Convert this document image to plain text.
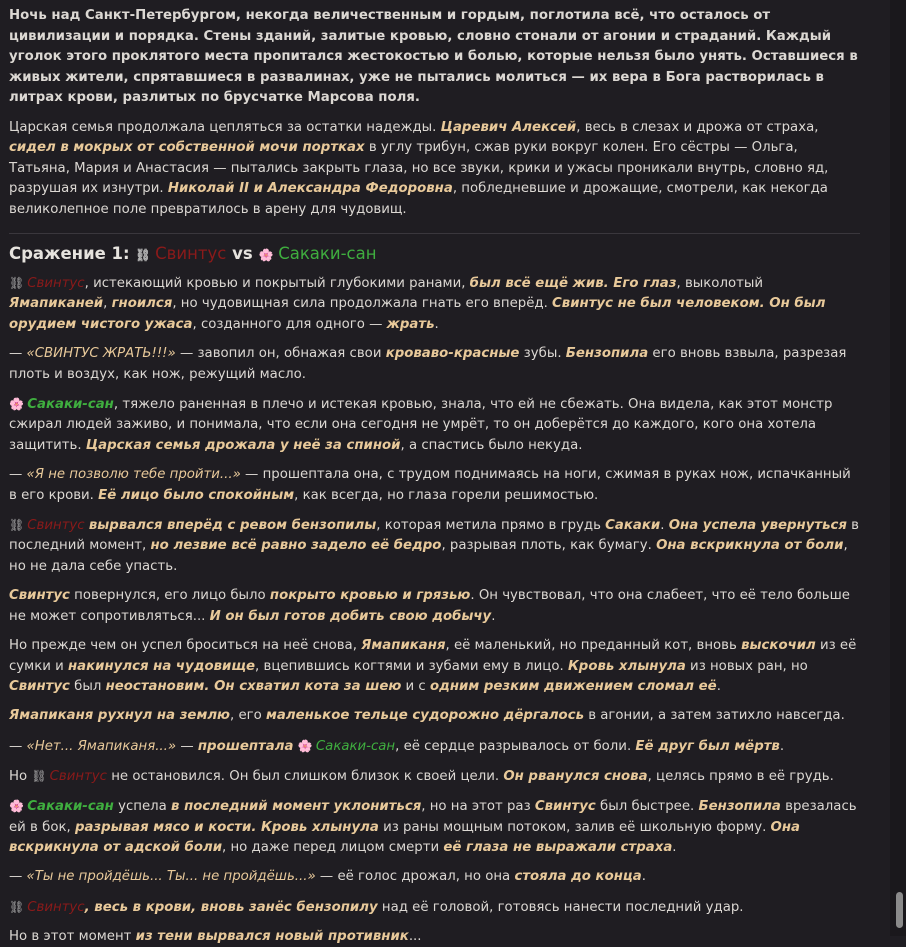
Ночь над Санкт-Петербургом, некогда величественным и гордым, поглотила всё, что осталось от цивилизации и порядка. Стены зданий, залитые кровью, словно стонали от агонии и страданий. Каждый уголок этого проклятого места пропитался жестокостью и болью, которые нельзя было унять. Оставшиеся в живых жители, спрятавшиеся в развалинах, уже не пытались молиться — их вера в Бога растворилась в литрах крови, разлитых по брусчатке Марсова поля.

Царская семья продолжала цепляться за остатки надежды. Царевич Алексей, весь в слезах и дрожа от страха, сидел в мокрых от собственной мочи портках в углу трибун, сжав руки вокруг колен. Его сёстры — Ольга, Татьяна, Мария и Анастасия — пытались закрыть глаза, но все звуки, крики и ужасы проникали внутрь, словно яд, разрушая их изнутри. Николай II и Александра Федоровна, побледневшие и дрожащие, смотрели, как некогда великолепное поле превратилось в арену для чудовищ.

Сражение 1: ⛓ Свинтус vs 🌸 Сакаки-сан

⛓ Свинтус, истекающий кровью и покрытый глубокими ранами, был всё ещё жив. Его глаз, выколотый Ямапиканей, гноился, но чудовищная сила продолжала гнать его вперёд. Свинтус не был человеком. Он был орудием чистого ужаса, созданного для одного — жрать.

— «СВИНТУС ЖРАТЬ!!!» — завопил он, обнажая свои кроваво-красные зубы. Бензопила его вновь взвыла, разрезая плоть и воздух, как нож, режущий масло.

🌸 Сакаки-сан, тяжело раненная в плечо и истекая кровью, знала, что ей не сбежать. Она видела, как этот монстр сжирал людей заживо, и понимала, что если она сегодня не умрёт, то он доберётся до каждого, кого она хотела защитить. Царская семья дрожала у неё за спиной, а спастись было некуда.

— «Я не позволю тебе пройти...» — прошептала она, с трудом поднимаясь на ноги, сжимая в руках нож, испачканный в его крови. Её лицо было спокойным, как всегда, но глаза горели решимостью.

⛓ Свинтус вырвался вперёд с ревом бензопилы, которая метила прямо в грудь Сакаки. Она успела увернуться в последний момент, но лезвие всё равно задело её бедро, разрывая плоть, как бумагу. Она вскрикнула от боли, но не дала себе упасть.

Свинтус повернулся, его лицо было покрыто кровью и грязью. Он чувствовал, что она слабеет, что её тело больше не может сопротивляться... И он был готов добить свою добычу.

Но прежде чем он успел броситься на неё снова, Ямапиканя, её маленький, но преданный кот, вновь выскочил из её сумки и накинулся на чудовище, вцепившись когтями и зубами ему в лицо. Кровь хлынула из новых ран, но Свинтус был неостановим. Он схватил кота за шею и с одним резким движением сломал её.

Ямапиканя рухнул на землю, его маленькое тельце судорожно дёргалось в агонии, а затем затихло навсегда.

— «Нет... Ямапиканя...» — прошептала 🌸 Сакаки-сан, её сердце разрывалось от боли. Её друг был мёртв.

Но ⛓ Свинтус не остановился. Он был слишком близок к своей цели. Он рванулся снова, целясь прямо в её грудь.

🌸 Сакаки-сан успела в последний момент уклониться, но на этот раз Свинтус был быстрее. Бензопила врезалась ей в бок, разрывая мясо и кости. Кровь хлынула из раны мощным потоком, залив её школьную форму. Она вскрикнула от адской боли, но даже перед лицом смерти её глаза не выражали страха.

— «Ты не пройдёшь... Ты... не пройдёшь...» — её голос дрожал, но она стояла до конца.

⛓ Свинтус, весь в крови, вновь занёс бензопилу над её головой, готовясь нанести последний удар.

Но в этот момент из тени вырвался новый противник...
